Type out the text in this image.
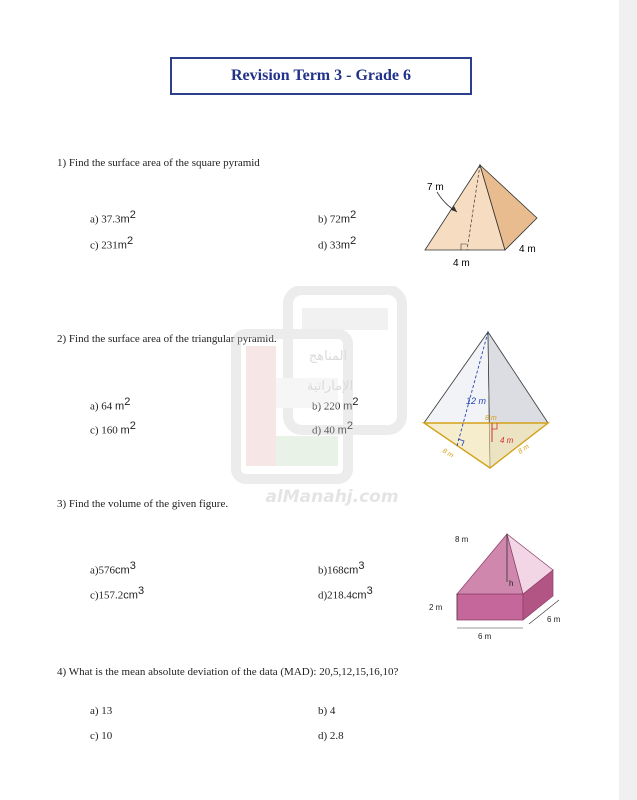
Revision Term 3 - Grade 6
1) Find the surface area of the square pyramid
a) $37.3m^2$	b) $72m^2$
c) $231m^2$	d) $33m^2$
7 m
4 m
4 m
2) Find the surface area of the triangular pyramid.
a) 64 $m^2$	b) 220 $m^2$
c) 160 $m^2$	d) 40 $m^2$
12 m
8 m
4 m
8 m	8 m
المناهج
الإماراتية
alManahj.com
3) Find the volume of the given figure.
$a)576cm^3$	$b)168cm^3$
$c)157.2cm^3$	$d)218.4cm^3$
h
8 m
2 m
6 m
6 m
4) What is the mean absolute deviation of the data (MAD): 20,5,12,15,16,10?
a) 13	b) 4
c) 10	d) 2.8
